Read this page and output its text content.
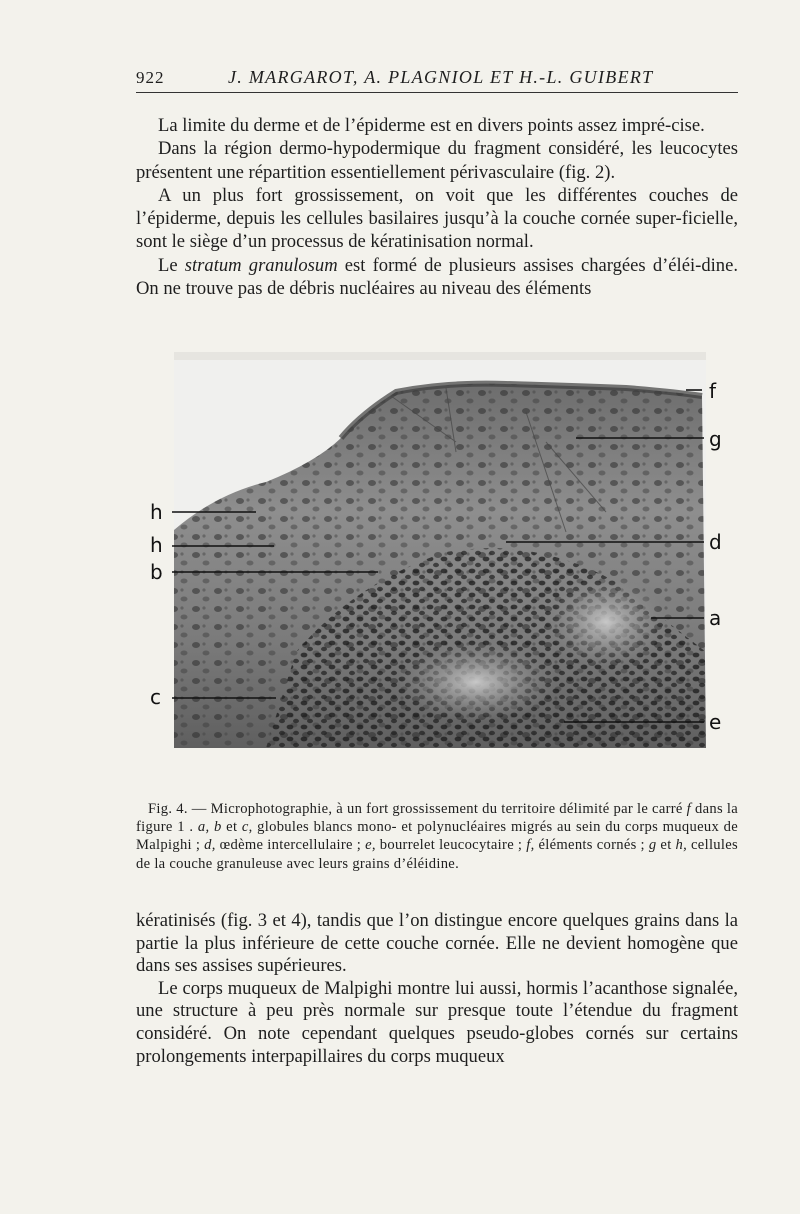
922	J. MARGAROT, A. PLAGNIOL ET H.-L. GUIBERT

La limite du derme et de l’épiderme est en divers points assez impré-cise.

Dans la région dermo-hypodermique du fragment considéré, les leucocytes présentent une répartition essentiellement périvasculaire (fig. 2).

A un plus fort grossissement, on voit que les différentes couches de l’épiderme, depuis les cellules basilaires jusqu’à la couche cornée super-ficielle, sont le siège d’un processus de kératinisation normal.

Le stratum granulosum est formé de plusieurs assises chargées d’éléi-dine. On ne trouve pas de débris nucléaires au niveau des éléments

f
g
d
a
e
h
h
b
c

Fig. 4. — Microphotographie, à un fort grossissement du territoire délimité par le carré f dans la figure 1 . a, b et c, globules blancs mono- et polynucléaires migrés au sein du corps muqueux de Malpighi ; d, œdème intercellulaire ; e, bourrelet leucocytaire ; f, éléments cornés ; g et h, cellules de la couche granuleuse avec leurs grains d’éléidine.

kératinisés (fig. 3 et 4), tandis que l’on distingue encore quelques grains dans la partie la plus inférieure de cette couche cornée. Elle ne devient homogène que dans ses assises supérieures.

Le corps muqueux de Malpighi montre lui aussi, hormis l’acanthose signalée, une structure à peu près normale sur presque toute l’étendue du fragment considéré. On note cependant quelques pseudo-globes cornés sur certains prolongements interpapillaires du corps muqueux
